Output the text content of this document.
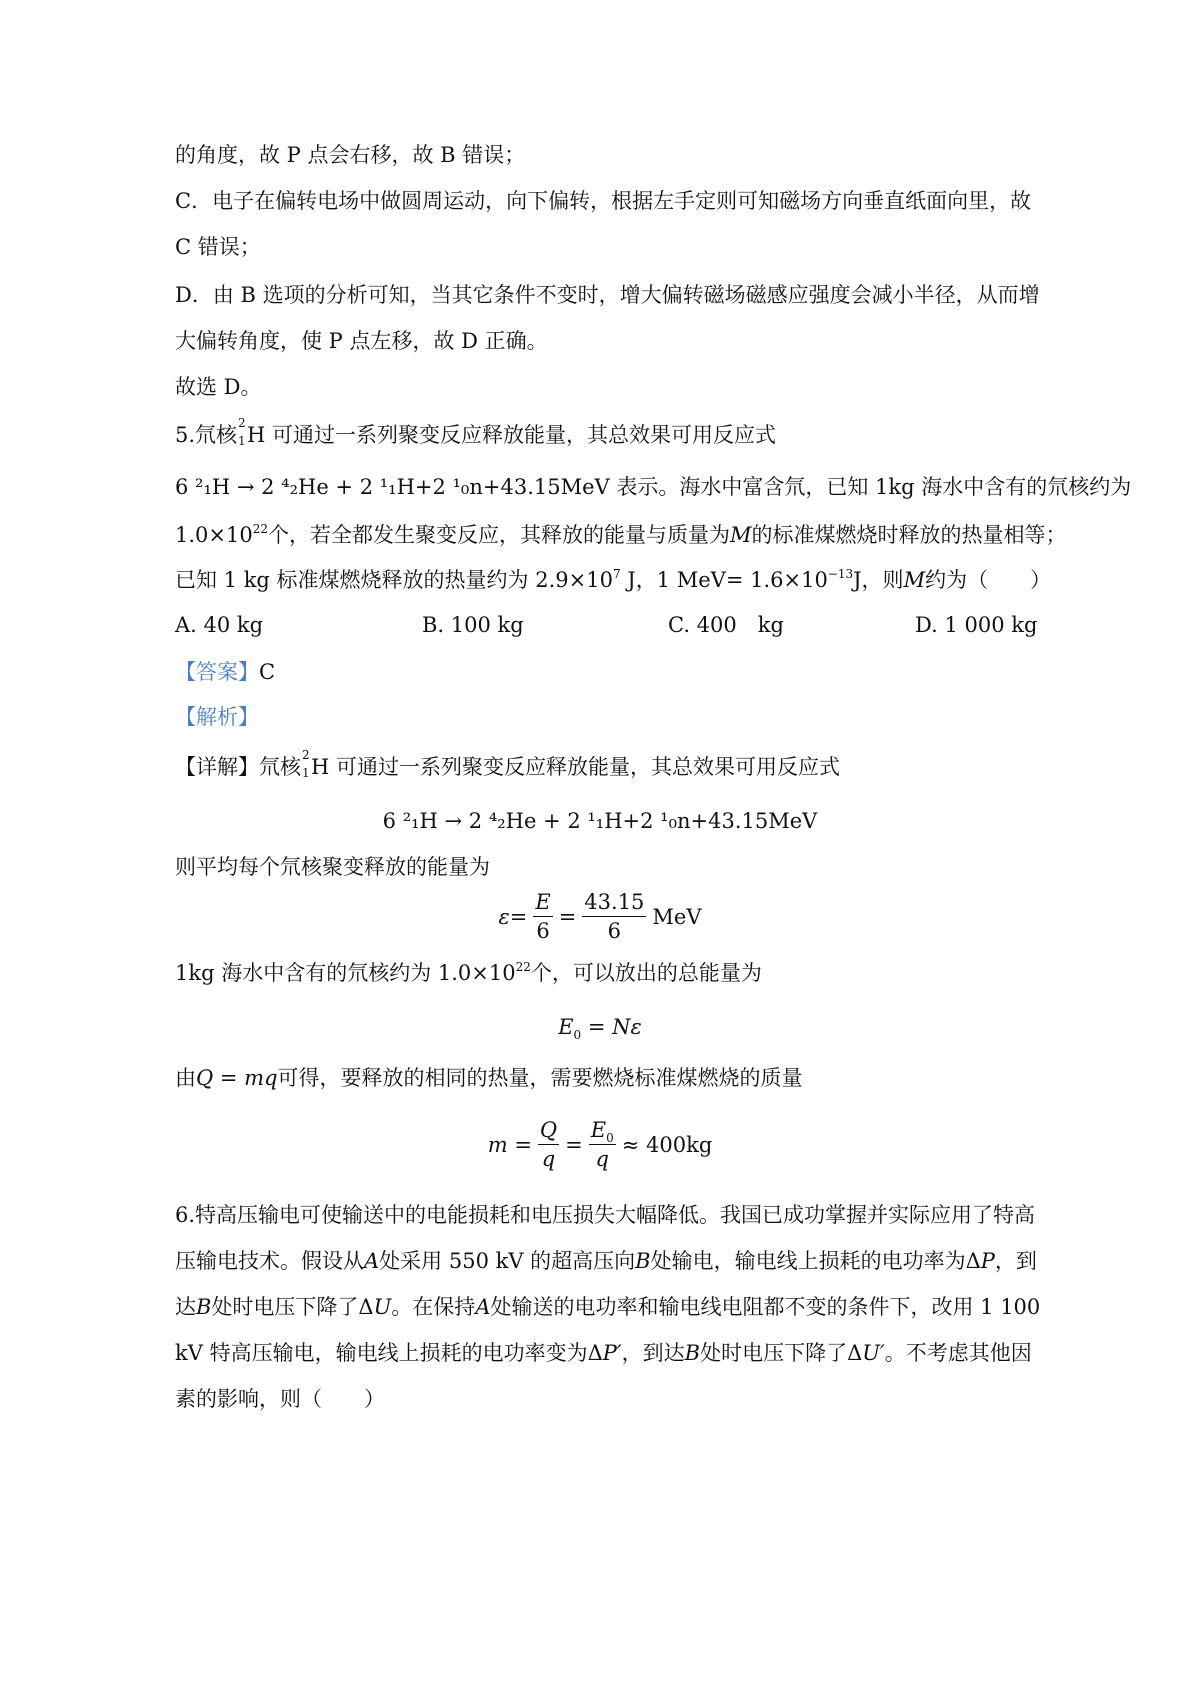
的角度，故 P 点会右移，故 B 错误；
C．电子在偏转电场中做圆周运动，向下偏转，根据左手定则可知磁场方向垂直纸面向里，故
C 错误；
D．由 B 选项的分析可知，当其它条件不变时，增大偏转磁场磁感应强度会减小半径，从而增
大偏转角度，使 P 点左移，故 D 正确。
故选 D。
5.氘核 2
1 H 可通过一系列聚变反应释放能量，其总效果可用反应式
6 ²₁H → 2 ⁴₂He + 2 ¹₁H+2 ¹₀n+43.15MeV 表示。海水中富含氘，已知 1kg 海水中含有的氘核约为
$1.0\times 10^{22}$个，若全都发生聚变反应，其释放的能量与质量为M的标准煤燃烧时释放的热量相等；
已知 1 kg 标准煤燃烧释放的热量约为 $2.9\times 10^7$ J，1 $MeV= 1.6\times 10^{-13}J$，则M约为（　　）
A. 40 kg	B. 100 kg	C. 400　kg	D. 1 000 kg
【答案】C
【解析】
【详解】氘核 2
1 H 可通过一系列聚变反应释放能量，其总效果可用反应式
6 ²₁H → 2 ⁴₂He + 2 ¹₁H+2 ¹₀n+43.15MeV
则平均每个氘核聚变释放的能量为
$\varepsilon= \frac{E}{6} = \frac{43.15}{6}$ MeV
1kg 海水中含有的氘核约为 $1.0\times 10^{22}$个，可以放出的总能量为
$E_0 = N\varepsilon$
由Q = mq可得，要释放的相同的热量，需要燃烧标准煤燃烧的质量
$m = \frac{Q}{q} = \frac{E_0}{q} \approx 400kg$
6.特高压输电可使输送中的电能损耗和电压损失大幅降低。我国已成功掌握并实际应用了特高
压输电技术。假设从A处采用 550 kV 的超高压向B处输电，输电线上损耗的电功率为ΔP，到
达B处时电压下降了ΔU。在保持A处输送的电功率和输电线电阻都不变的条件下，改用 1 100
kV 特高压输电，输电线上损耗的电功率变为ΔP′，到达B处时电压下降了ΔU′。不考虑其他因
素的影响，则（　　）
